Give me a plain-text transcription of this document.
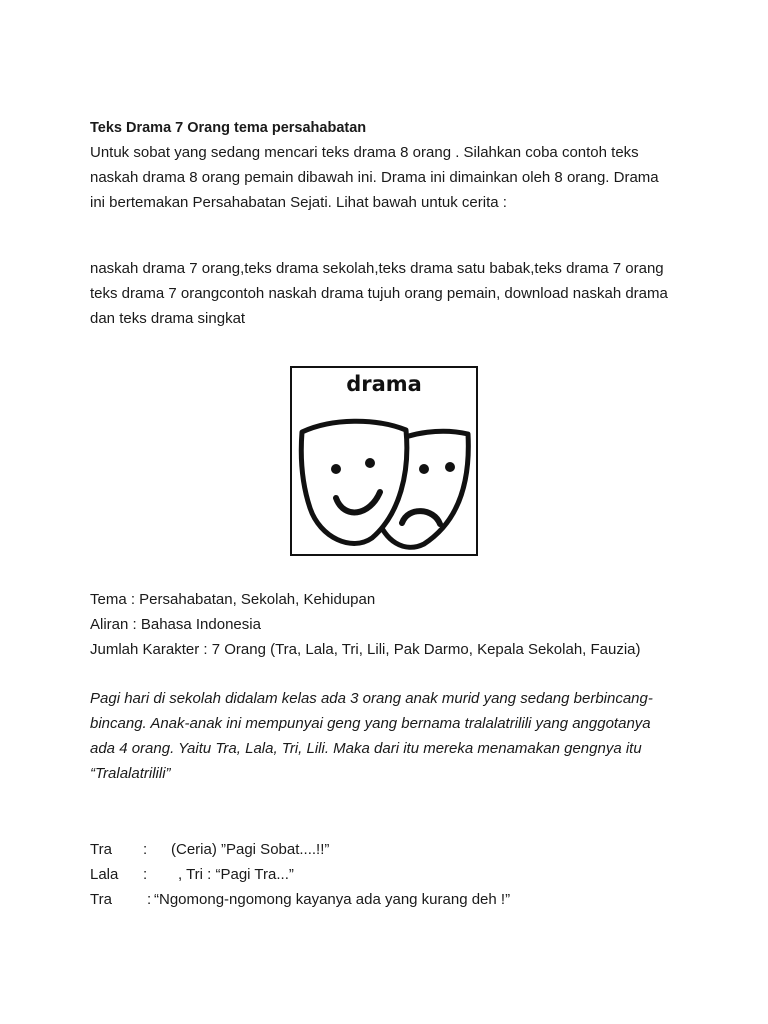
Teks Drama 7 Orang tema persahabatan
Untuk sobat yang sedang mencari teks drama 8 orang . Silahkan coba contoh teks
naskah drama 8 orang pemain dibawah ini. Drama ini dimainkan oleh 8 orang. Drama
ini bertemakan Persahabatan Sejati. Lihat bawah untuk cerita :
naskah drama 7 orang,teks drama sekolah,teks drama satu babak,teks drama 7 orang
teks drama 7 orangcontoh naskah drama tujuh orang pemain, download naskah drama
dan teks drama singkat
drama
Tema : Persahabatan, Sekolah, Kehidupan
Aliran : Bahasa Indonesia
Jumlah Karakter : 7 Orang (Tra, Lala, Tri, Lili, Pak Darmo, Kepala Sekolah, Fauzia)
Pagi hari di sekolah didalam kelas ada 3 orang anak murid yang sedang berbincang-
bincang. Anak-anak ini mempunyai geng yang bernama tralalatrilili yang anggotanya
ada 4 orang. Yaitu Tra, Lala, Tri, Lili. Maka dari itu mereka menamakan gengnya itu
“Tralalatrilili”
Tra : (Ceria) ”Pagi Sobat....!!”
Lala : , Tri : “Pagi Tra...”
Tra : “Ngomong-ngomong kayanya ada yang kurang deh !”
